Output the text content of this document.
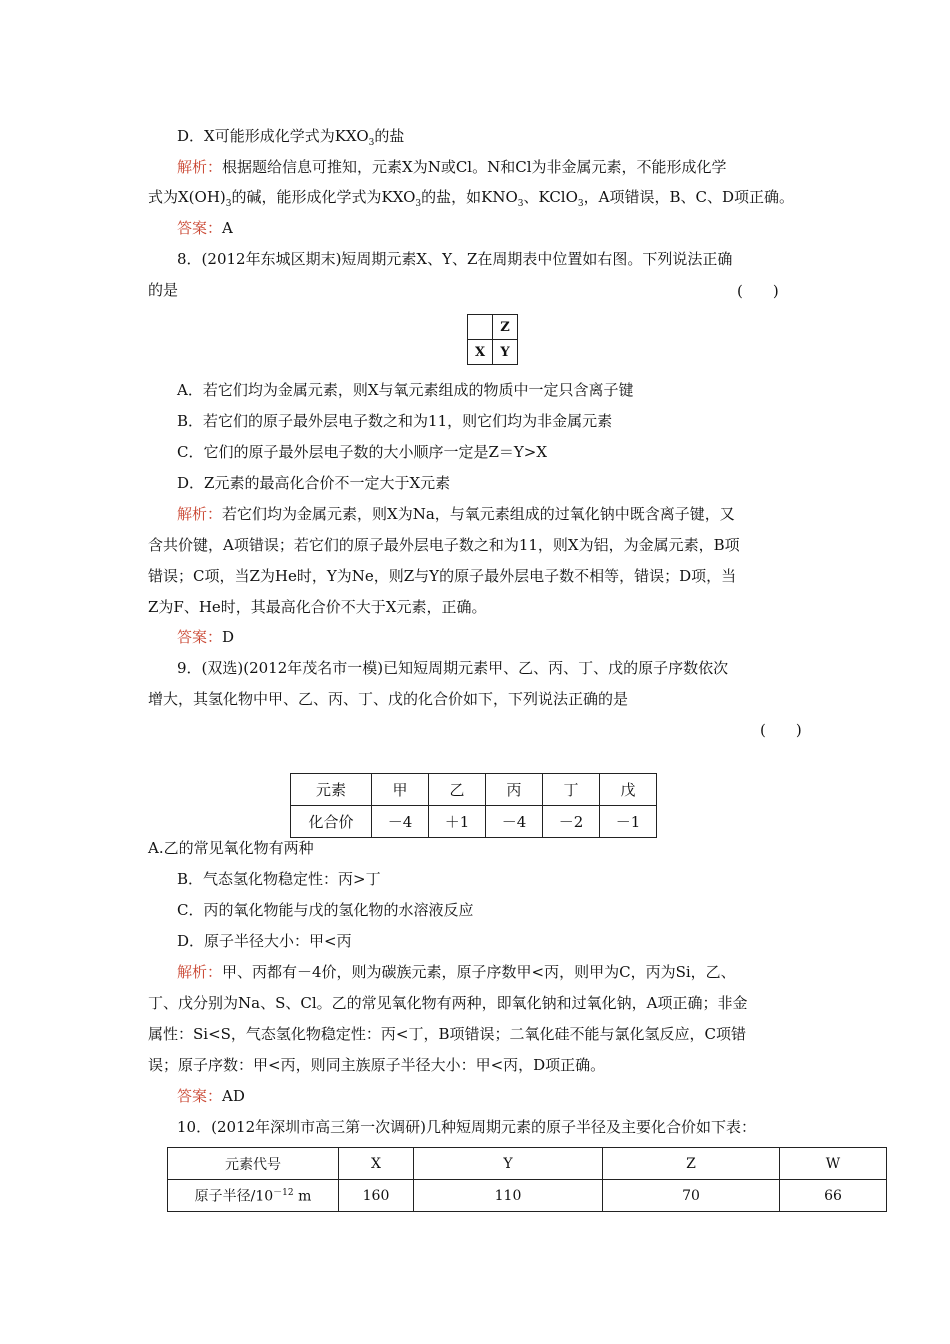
D．X可能形成化学式为$KXO_3$的盐
解析：根据题给信息可推知，元素X为N或Cl。N和Cl为非金属元素，不能形成化学
式为$X(OH)_3$的碱，能形成化学式为$KXO_3$的盐，如$KNO_3$、KClO$_3$，A项错误，B、C、D项正确。
答案：A
8．(2012年东城区期末)短周期元素X、Y、Z在周期表中位置如右图。下列说法正确
的是	(　　)
	Z
X	Y
A．若它们均为金属元素，则X与氧元素组成的物质中一定只含离子键
B．若它们的原子最外层电子数之和为11，则它们均为非金属元素
C．它们的原子最外层电子数的大小顺序一定是Z＝Y>X
D．Z元素的最高化合价不一定大于X元素
解析：若它们均为金属元素，则X为Na，与氧元素组成的过氧化钠中既含离子键，又
含共价键，A项错误；若它们的原子最外层电子数之和为11，则X为铝，为金属元素，B项
错误；C项，当Z为He时，Y为Ne，则Z与Y的原子最外层电子数不相等，错误；D项，当
Z为F、He时，其最高化合价不大于X元素，正确。
答案：D
9．(双选)(2012年茂名市一模)已知短周期元素甲、乙、丙、丁、戊的原子序数依次
增大，其氢化物中甲、乙、丙、丁、戊的化合价如下，下列说法正确的是
(　　)
元素	甲	乙	丙	丁	戊
化合价	－4	＋1	－4	－2	－1
A.乙的常见氧化物有两种
B．气态氢化物稳定性：丙>丁
C．丙的氧化物能与戊的氢化物的水溶液反应
D．原子半径大小：甲<丙
解析：甲、丙都有－4价，则为碳族元素，原子序数甲<丙，则甲为C，丙为Si，乙、
丁、戊分别为Na、S、Cl。乙的常见氧化物有两种，即氧化钠和过氧化钠，A项正确；非金
属性：Si<S，气态氢化物稳定性：丙<丁，B项错误；二氧化硅不能与氯化氢反应，C项错
误；原子序数：甲<丙，则同主族原子半径大小：甲<丙，D项正确。
答案：AD
10．(2012年深圳市高三第一次调研)几种短周期元素的原子半径及主要化合价如下表：
元素代号	X	Y	Z	W
原子半径$/10^{-12}$ m	160	110	70	66
